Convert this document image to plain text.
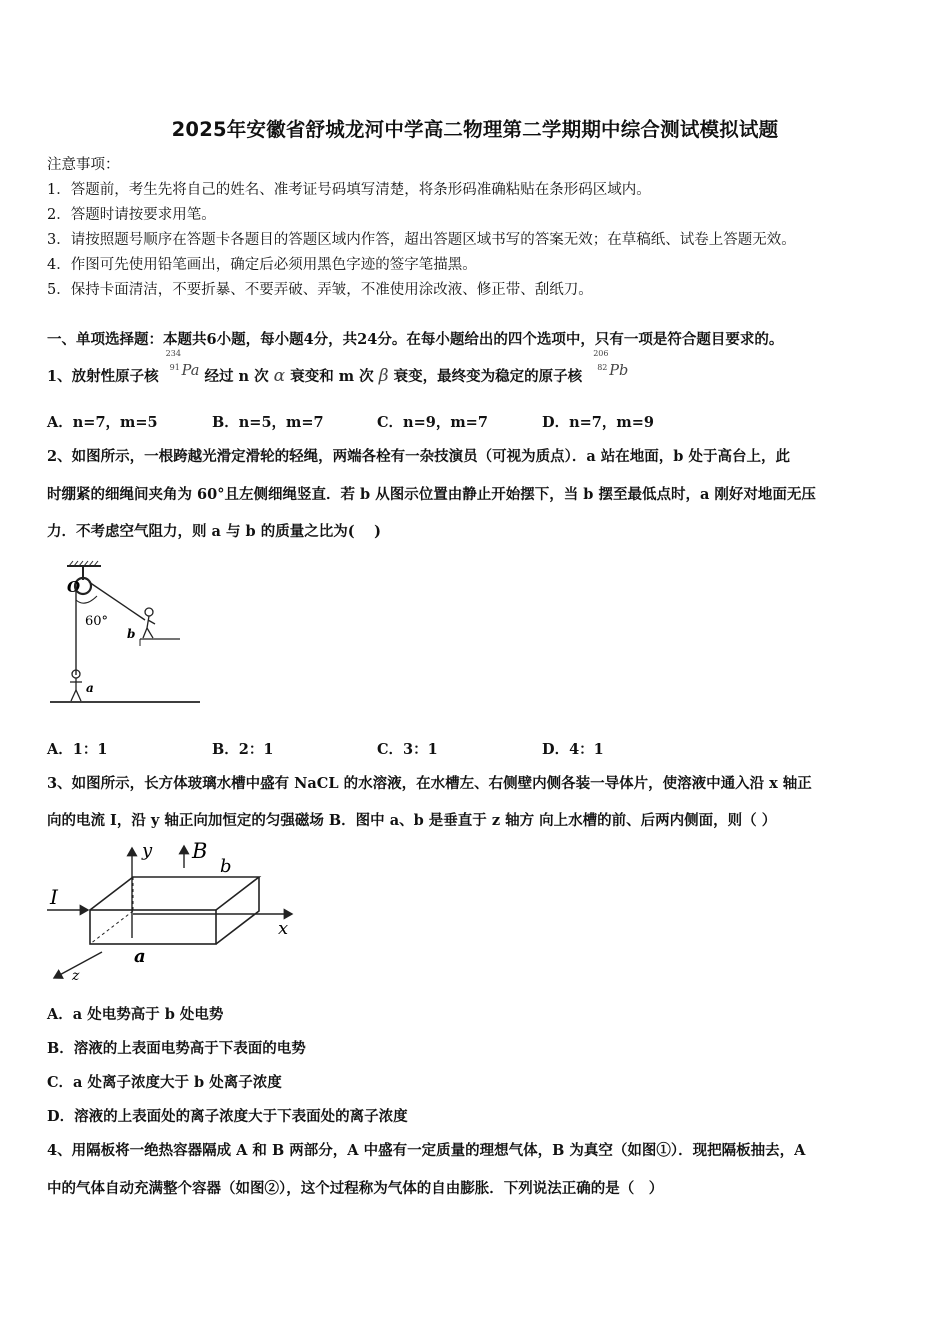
2025年安徽省舒城龙河中学高二物理第二学期期中综合测试模拟试题
注意事项：
1．答题前，考生先将自己的姓名、准考证号码填写清楚，将条形码准确粘贴在条形码区域内。
2．答题时请按要求用笔。
3．请按照题号顺序在答题卡各题目的答题区域内作答，超出答题区域书写的答案无效；在草稿纸、试卷上答题无效。
4．作图可先使用铅笔画出，确定后必须用黑色字迹的签字笔描黑。
5．保持卡面清洁，不要折暴、不要弄破、弄皱，不准使用涂改液、修正带、刮纸刀。
一、单项选择题：本题共6小题，每小题4分，共24分。在每小题给出的四个选项中，只有一项是符合题目要求的。
1、放射性原子核
234
91 Pa 经过 n 次 α 衰变和 m 次 β 衰变，最终变为稳定的原子核
206
82 Pb
A．n=7，m=5	B．n=5，m=7	C．n=9，m=7	D．n=7，m=9
2、如图所示，一根跨越光滑定滑轮的轻绳，两端各栓有一杂技演员（可视为质点）．a 站在地面，b 处于高台上，此
时绷紧的细绳间夹角为 60°且左侧细绳竖直．若 b 从图示位置由静止开始摆下，当 b 摆至最低点时，a 刚好对地面无压
力．不考虑空气阻力，则 a 与 b 的质量之比为(　 )
O
60°
b
a
A．1：1	B．2：1	C．3：1	D．4：1
3、如图所示，长方体玻璃水槽中盛有 NaCL 的水溶液，在水槽左、右侧壁内侧各装一导体片，使溶液中通入沿 x 轴正
向的电流 I，沿 y 轴正向加恒定的匀强磁场 B．图中 a、b 是垂直于 z 轴方 向上水槽的前、后两内侧面，则（ ）
y B
b
I
x
z
a
A．a 处电势高于 b 处电势
B．溶液的上表面电势高于下表面的电势
C．a 处离子浓度大于 b 处离子浓度
D．溶液的上表面处的离子浓度大于下表面处的离子浓度
4、用隔板将一绝热容器隔成 A 和 B 两部分，A 中盛有一定质量的理想气体，B 为真空（如图①）．现把隔板抽去，A
中的气体自动充满整个容器（如图②），这个过程称为气体的自由膨胀．下列说法正确的是（　）
